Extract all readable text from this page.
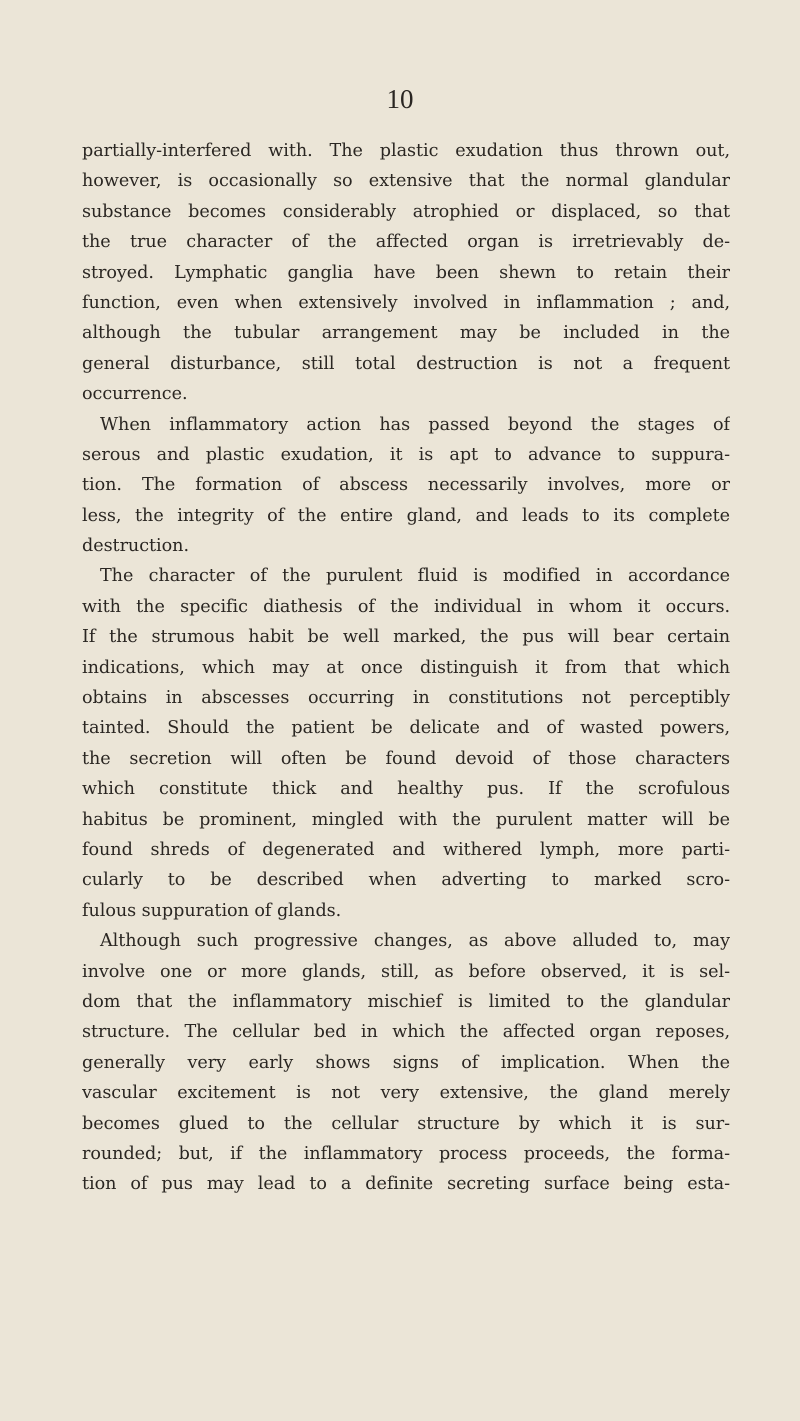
10
partially-interfered with. The plastic exudation thus thrown out,
however, is occasionally so extensive that the normal glandular
substance becomes considerably atrophied or displaced, so that
the true character of the affected organ is irretrievably de-
stroyed. Lymphatic ganglia have been shewn to retain their
function, even when extensively involved in inflammation ; and,
although the tubular arrangement may be included in the
general disturbance, still total destruction is not a frequent
occurrence.
When inflammatory action has passed beyond the stages of
serous and plastic exudation, it is apt to advance to suppura-
tion. The formation of abscess necessarily involves, more or
less, the integrity of the entire gland, and leads to its complete
destruction.
The character of the purulent fluid is modified in accordance
with the specific diathesis of the individual in whom it occurs.
If the strumous habit be well marked, the pus will bear certain
indications, which may at once distinguish it from that which
obtains in abscesses occurring in constitutions not perceptibly
tainted. Should the patient be delicate and of wasted powers,
the secretion will often be found devoid of those characters
which constitute thick and healthy pus. If the scrofulous
habitus be prominent, mingled with the purulent matter will be
found shreds of degenerated and withered lymph, more parti-
cularly to be described when adverting to marked scro-
fulous suppuration of glands.
Although such progressive changes, as above alluded to, may
involve one or more glands, still, as before observed, it is sel-
dom that the inflammatory mischief is limited to the glandular
structure. The cellular bed in which the affected organ reposes,
generally very early shows signs of implication. When the
vascular excitement is not very extensive, the gland merely
becomes glued to the cellular structure by which it is sur-
rounded; but, if the inflammatory process proceeds, the forma-
tion of pus may lead to a definite secreting surface being esta-
